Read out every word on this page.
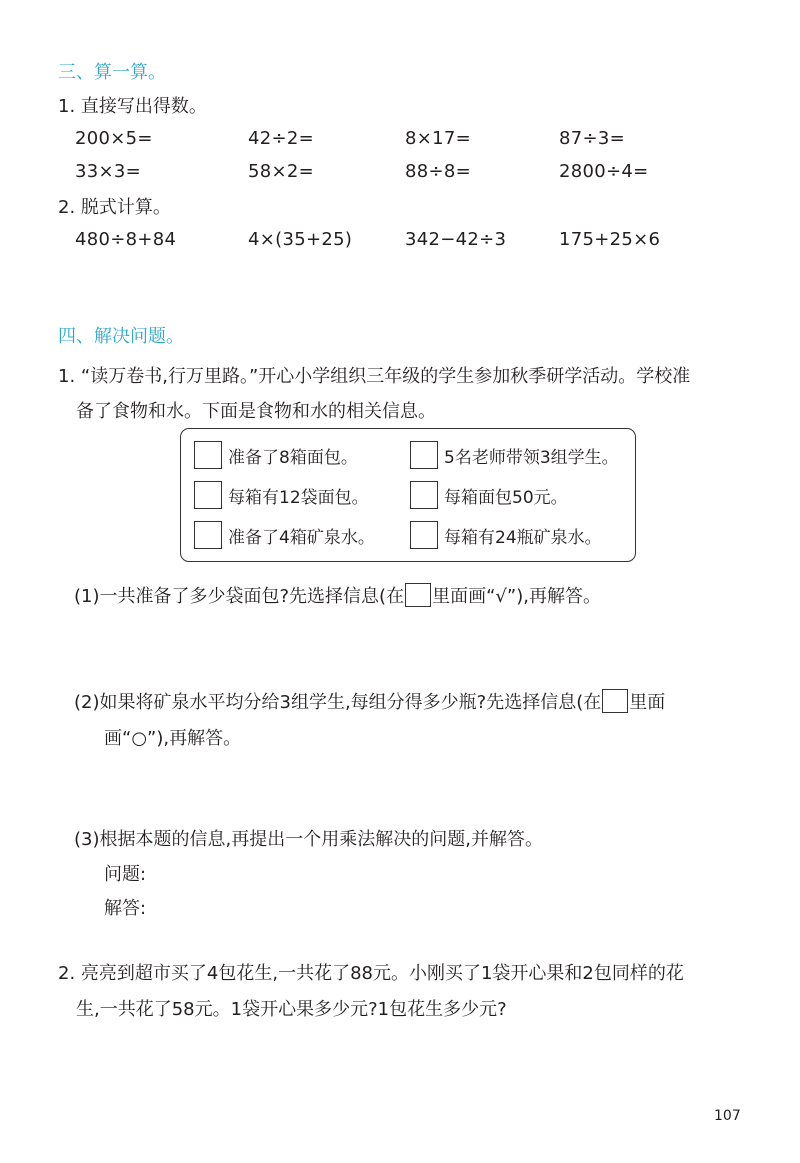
三、算一算。
1. 直接写出得数。
200×5=	42÷2=	8×17=	87÷3=
33×3=	58×2=	88÷8=	2800÷4=
2. 脱式计算。
480÷8+84	4×(35+25)	342−42÷3	175+25×6
四、解决问题。
1. “读万卷书,行万里路。”开心小学组织三年级的学生参加秋季研学活动。学校准
备了食物和水。下面是食物和水的相关信息。
准备了8箱面包。	5名老师带领3组学生。
每箱有12袋面包。	每箱面包50元。
准备了4箱矿泉水。	每箱有24瓶矿泉水。
(1)一共准备了多少袋面包?先选择信息(在 里面画“√”),再解答。
(2)如果将矿泉水平均分给3组学生,每组分得多少瓶?先选择信息(在 里面
画“○”),再解答。
(3)根据本题的信息,再提出一个用乘法解决的问题,并解答。
问题:
解答:
2. 亮亮到超市买了4包花生,一共花了88元。小刚买了1袋开心果和2包同样的花
生,一共花了58元。1袋开心果多少元?1包花生多少元?
107
